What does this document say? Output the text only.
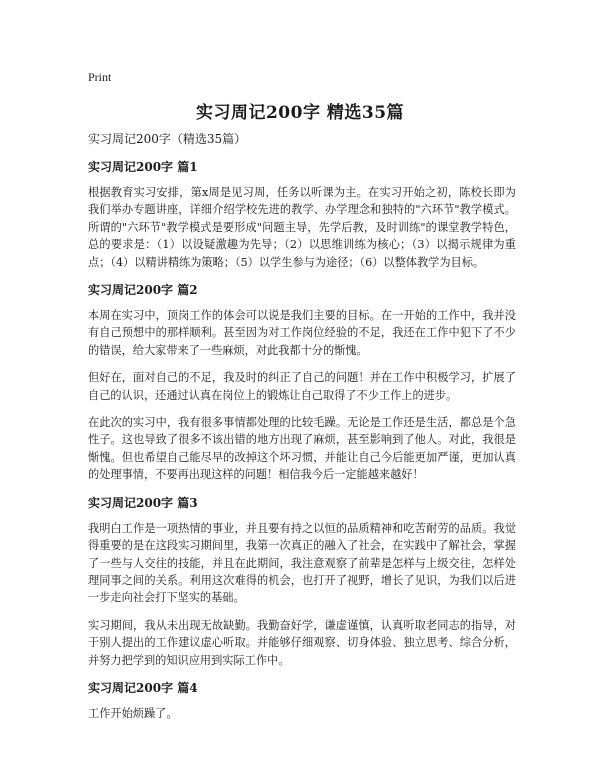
Print
实习周记200字 精选35篇

实习周记200字（精选35篇）

实习周记200字 篇1

根据教育实习安排，第x周是见习周，任务以听课为主。在实习开始之初，陈校长即为我们举办专题讲座，详细介绍学校先进的教学、办学理念和独特的"六环节"教学模式。所谓的"六环节"教学模式是要形成"问题主导，先学后教，及时训练"的课堂教学特色，总的要求是：（1）以设疑激趣为先导；（2）以思维训练为核心；（3）以揭示规律为重点；（4）以精讲精练为策略；（5）以学生参与为途径；（6）以整体教学为目标。

实习周记200字 篇2

本周在实习中，顶岗工作的体会可以说是我们主要的目标。在一开始的工作中，我并没有自己预想中的那样顺利。甚至因为对工作岗位经验的不足，我还在工作中犯下了不少的错误，给大家带来了一些麻烦，对此我都十分的惭愧。

但好在，面对自己的不足，我及时的纠正了自己的问题！并在工作中积极学习，扩展了自己的认识，还通过认真在岗位上的锻炼让自己取得了不少工作上的进步。

在此次的实习中，我有很多事情都处理的比较毛躁。无论是工作还是生活，都总是个急性子。这也导致了很多不该出错的地方出现了麻烦，甚至影响到了他人。对此，我很是惭愧。但也希望自己能尽早的改掉这个坏习惯，并能让自己今后能更加严谨，更加认真的处理事情，不要再出现这样的问题！相信我今后一定能越来越好！

实习周记200字 篇3

我明白工作是一项热情的事业，并且要有持之以恒的品质精神和吃苦耐劳的品质。我觉得重要的是在这段实习期间里，我第一次真正的融入了社会，在实践中了解社会，掌握了一些与人交往的技能，并且在此期间，我注意观察了前辈是怎样与上级交往，怎样处理同事之间的关系。利用这次难得的机会，也打开了视野，增长了见识，为我们以后进一步走向社会打下坚实的基础。

实习期间，我从未出现无故缺勤。我勤奋好学，谦虚谨慎，认真听取老同志的指导，对于别人提出的工作建议虚心听取。并能够仔细观察、切身体验、独立思考、综合分析，并努力把学到的知识应用到实际工作中。

实习周记200字 篇4

工作开始烦躁了。
